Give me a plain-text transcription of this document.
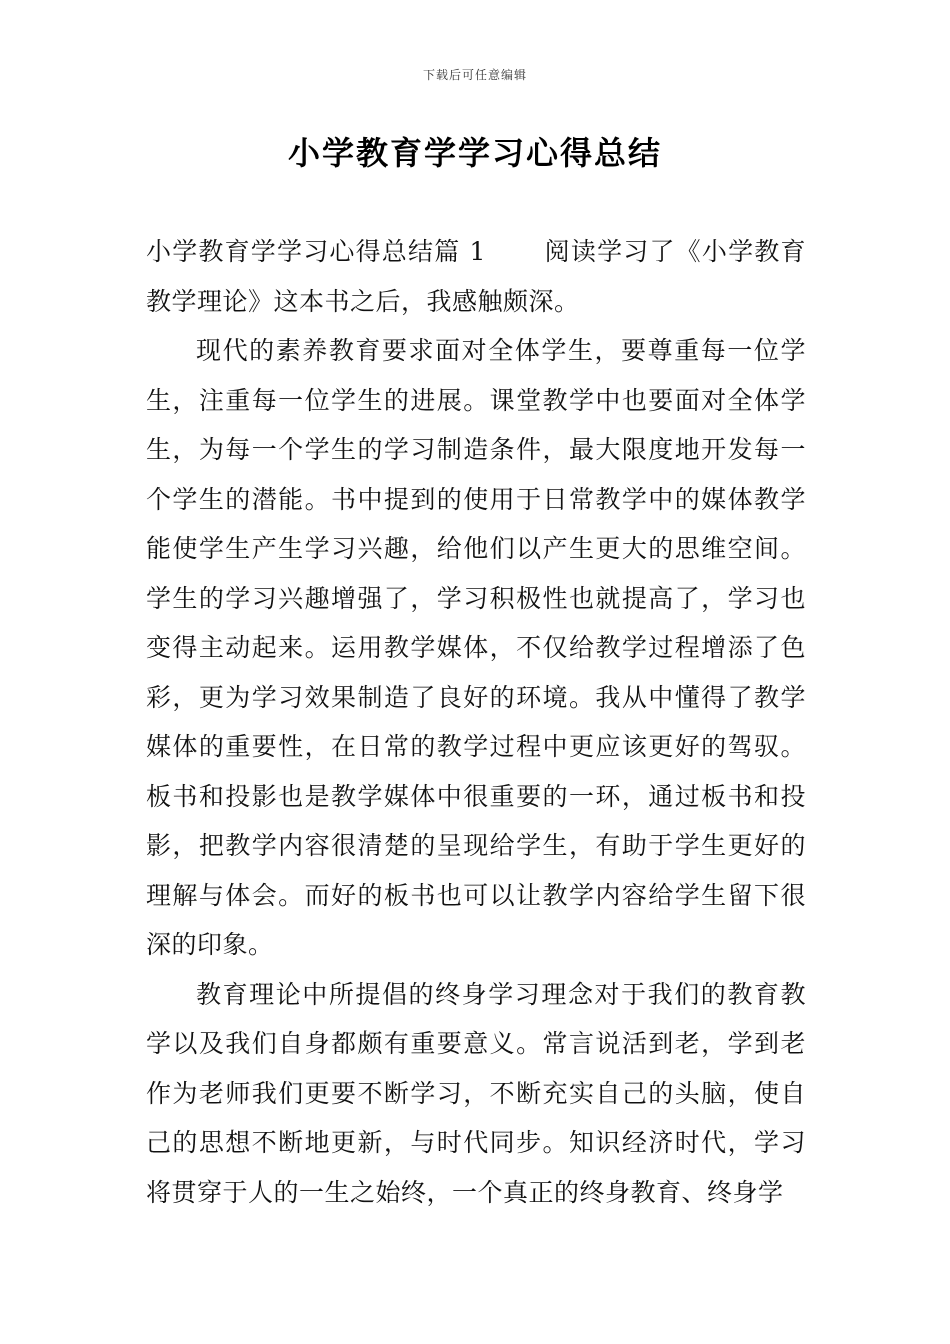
下载后可任意编辑
小学教育学学习心得总结

小学教育学学习心得总结篇 1 阅读学习了《小学教育教学理论》这本书之后，我感触颇深。

现代的素养教育要求面对全体学生，要尊重每一位学生，注重每一位学生的进展。课堂教学中也要面对全体学生，为每一个学生的学习制造条件，最大限度地开发每一个学生的潜能。书中提到的使用于日常教学中的媒体教学能使学生产生学习兴趣，给他们以产生更大的思维空间。学生的学习兴趣增强了，学习积极性也就提高了，学习也变得主动起来。运用教学媒体，不仅给教学过程增添了色彩，更为学习效果制造了良好的环境。我从中懂得了教学媒体的重要性，在日常的教学过程中更应该更好的驾驭。板书和投影也是教学媒体中很重要的一环，通过板书和投影，把教学内容很清楚的呈现给学生，有助于学生更好的理解与体会。而好的板书也可以让教学内容给学生留下很深的印象。

教育理论中所提倡的终身学习理念对于我们的教育教学以及我们自身都颇有重要意义。常言说活到老，学到老作为老师我们更要不断学习，不断充实自己的头脑，使自己的思想不断地更新，与时代同步。知识经济时代，学习将贯穿于人的一生之始终，一个真正的终身教育、终身学
